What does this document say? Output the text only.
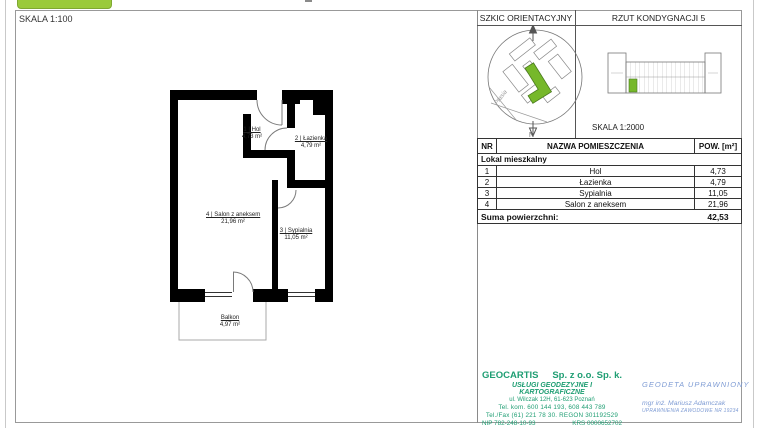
SKALA 1:100
1 | Hol
4,73 m²	2 | Łazienka
4,79 m²
4 | Salon z aneksem
21,96 m²
3 | Sypialnia
11,05 m²
Balkon
4,97 m²
SZKIC ORIENTACYJNY	RZUT KONDYGNACJI 5
Ptasia
N
SKALA 1:2000
NR	NAZWA POMIESZCZENIA	POW. [m²]
Lokal mieszkalny
1	Hol	4,73
2	Łazienka	4,79
3	Sypialnia	11,05
4	Salon z aneksem	21,96
Suma powierzchni:	42,53
GEOCARTIS Sp. z o.o. Sp. k.
USŁUGI GEODEZYJNE I KARTOGRAFICZNE
ul. Wilczak 12H, 61-623 Poznań
Tel. kom. 600 144 193, 608 443 789
Tel./Fax (61) 221 78 30. REGON 301192529
NIP 782-248-10-93	KRS 0000652702
GEODETA UPRAWNIONY
mgr inż. Mariusz Adamczak
UPRAWNIENIA ZAWODOWE NR 19234
